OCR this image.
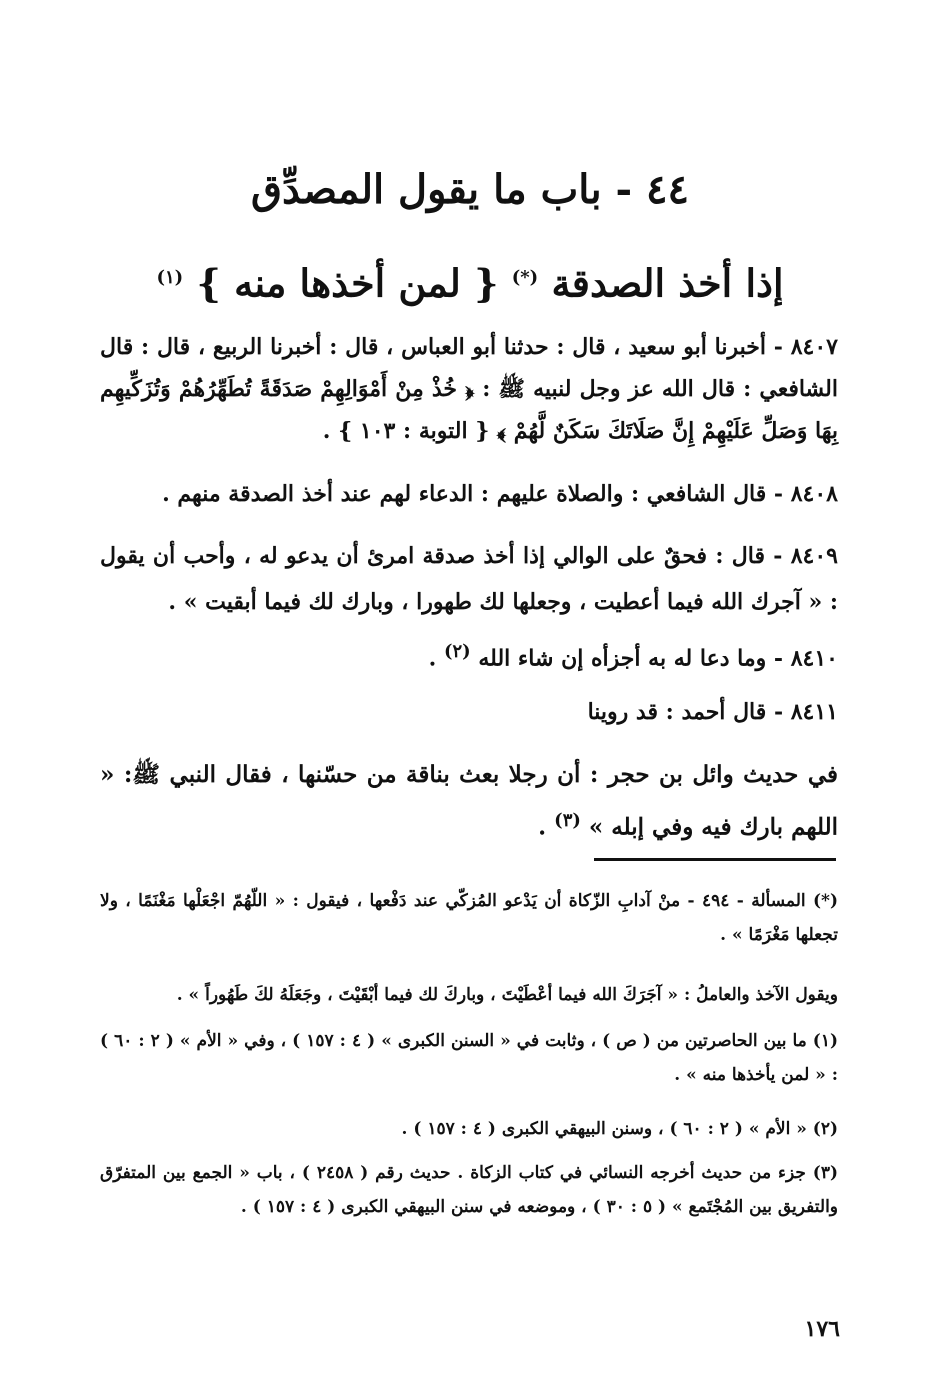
٤٤ - باب ما يقول المصدِّق
إذا أخذ الصدقة (*) { لمن أخذها منه } $^{(١)}$
٨٤٠٧ - أخبرنا أبو سعيد ، قال : حدثنا أبو العباس ، قال : أخبرنا الربيع ، قال : قال الشافعي : قال الله عز وجل لنبيه ﷺ : ﴿ خُذْ مِنْ أَمْوَالِهِمْ صَدَقَةً تُطَهِّرُهُمْ وَتُزَكِّيهِم بِهَا وَصَلِّ عَلَيْهِمْ إِنَّ صَلَاتَكَ سَكَنٌ لَّهُمْ ﴾ { التوبة : ١٠٣ } .
٨٤٠٨ - قال الشافعي : والصلاة عليهم : الدعاء لهم عند أخذ الصدقة منهم .
٨٤٠٩ - قال : فحقٌ على الوالي إذا أخذ صدقة امرئ أن يدعو له ، وأحب أن يقول : « آجرك الله فيما أعطيت ، وجعلها لك طهورا ، وبارك لك فيما أبقيت » .
٨٤١٠ - وما دعا له به أجزأه إن شاء الله $^{(٢)}$ .
٨٤١١ - قال أحمد : قد روينا
في حديث وائل بن حجر : أن رجلا بعث بناقة من حسّنها ، فقال النبي ﷺ: « اللهم بارك فيه وفي إبله » $^{(٣)}$ .
(*) المسألة - ٤٩٤ - منْ آدابِ الزّكاة أن يَدْعو المُزكّي عند دَفْعها ، فيقول : « اللّهُمّ اجْعَلْها مَغْنَمًا ، ولا تجعلها مَغْرَمًا » .
ويقول الآخذ والعاملُ : « آجَرَكَ الله فيما أعْطَيْتَ ، وباركَ لك فيما أبْقَيْتَ ، وجَعَلَهُ لكَ طَهُوراً » .
(١) ما بين الحاصرتين من ( ص ) ، وثابت في « السنن الكبرى » ( ٤ : ١٥٧ ) ، وفي « الأم » ( ٢ : ٦٠ ) : « لمن يأخذها منه » .
(٢) « الأم » ( ٢ : ٦٠ ) ، وسنن البيهقي الكبرى ( ٤ : ١٥٧ ) .
(٣) جزء من حديث أخرجه النسائي في كتاب الزكاة . حديث رقم ( ٢٤٥٨ ) ، باب « الجمع بين المتفرّق والتفريق بين المُجْتَمع » ( ٥ : ٣٠ ) ، وموضعه في سنن البيهقي الكبرى ( ٤ : ١٥٧ ) .
١٧٦
